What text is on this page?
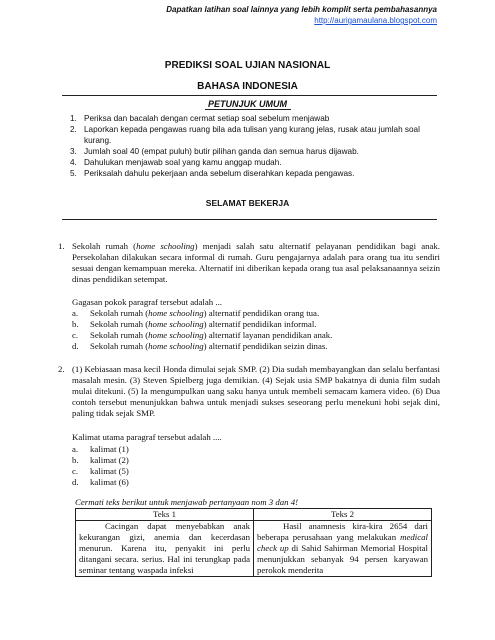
Dapatkan latihan soal lainnya yang lebih komplit serta pembahasannya
http://aurigamaulana.blogspot.com
PREDIKSI SOAL UJIAN NASIONAL
BAHASA INDONESIA
PETUNJUK UMUM
1. Periksa dan bacalah dengan cermat setiap soal sebelum menjawab
2. Laporkan kepada pengawas ruang bila ada tulisan yang kurang jelas, rusak atau jumlah soal kurang.
3. Jumlah soal 40 (empat puluh) butir pilihan ganda dan semua harus dijawab.
4. Dahulukan menjawab soal yang kamu anggap mudah.
5. Periksalah dahulu pekerjaan anda sebelum diserahkan kepada pengawas.
SELAMAT BEKERJA
1. Sekolah rumah (home schooling) menjadi salah satu alternatif pelayanan pendidikan bagi anak. Persekolahan dilakukan secara informal di rumah. Guru pengajarnya adalah para orang tua itu sendiri sesuai dengan kemampuan mereka. Alternatif ini diberikan kepada orang tua asal pelaksanaannya seizin dinas pendidikan setempat.
Gagasan pokok paragraf tersebut adalah ...
a. Sekolah rumah (home schooling) alternatif pendidikan orang tua.
b. Sekolah rumah (home schooling) alternatif pendidikan informal.
c. Sekolah rumah (home schooling) alternatif layanan pendidikan anak.
d. Sekolah rumah (home schooling) alternatif pendidikan seizin dinas.
2. (1) Kebiasaan masa kecil Honda dimulai sejak SMP. (2) Dia sudah membayangkan dan selalu berfantasi masalah mesin. (3) Steven Spielberg juga demikian. (4) Sejak usia SMP bakatnya di dunia film sudah mulai ditekuni. (5) Ia mengumpulkan uang saku hanya untuk membeli semacam kamera video. (6) Dua contoh tersebut menunjukkan bahwa untuk menjadi sukses seseorang perlu menekuni hobi sejak dini, paling tidak sejak SMP.
Kalimat utama paragraf tersebut adalah ....
a. kalimat (1)
b. kalimat (2)
c. kalimat (5)
d. kalimat (6)
Cermati teks berikut untuk menjawab pertanyaan nom 3 dan 4!
Teks 1	Teks 2
Cacingan dapat menyebabkan anak kekurangan gizi, anemia dan kecerdasan menurun. Karena itu, penyakit ini perlu ditangani secara. serius. Hal ini terungkap pada seminar tentang waspada infeksi	Hasil anamnesis kira-kira 2654 dari beberapa perusahaan yang melakukan medical check up di Sahid Sahirman Memorial Hospital menunjukkan sebanyak 94 persen karyawan perokok menderita
